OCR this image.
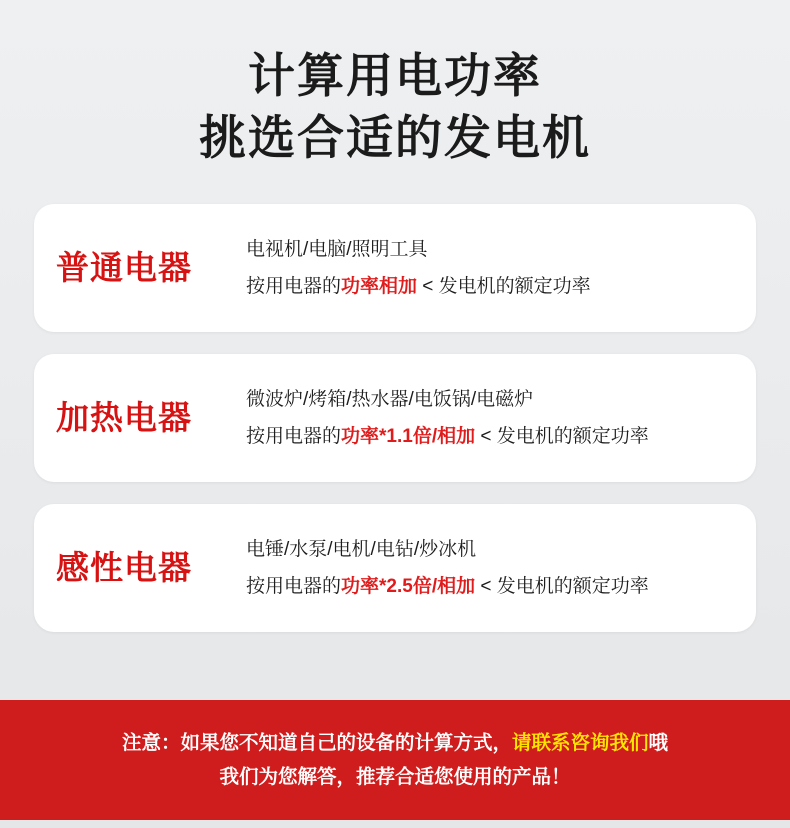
计算用电功率
挑选合适的发电机
普通电器	电视机/电脑/照明工具
按用电器的功率相加 < 发电机的额定功率
加热电器	微波炉/烤箱/热水器/电饭锅/电磁炉
按用电器的功率*1.1倍/相加 < 发电机的额定功率
感性电器	电锤/水泵/电机/电钻/炒冰机
按用电器的功率*2.5倍/相加 < 发电机的额定功率
注意：如果您不知道自己的设备的计算方式，请联系咨询我们哦
我们为您解答，推荐合适您使用的产品！
